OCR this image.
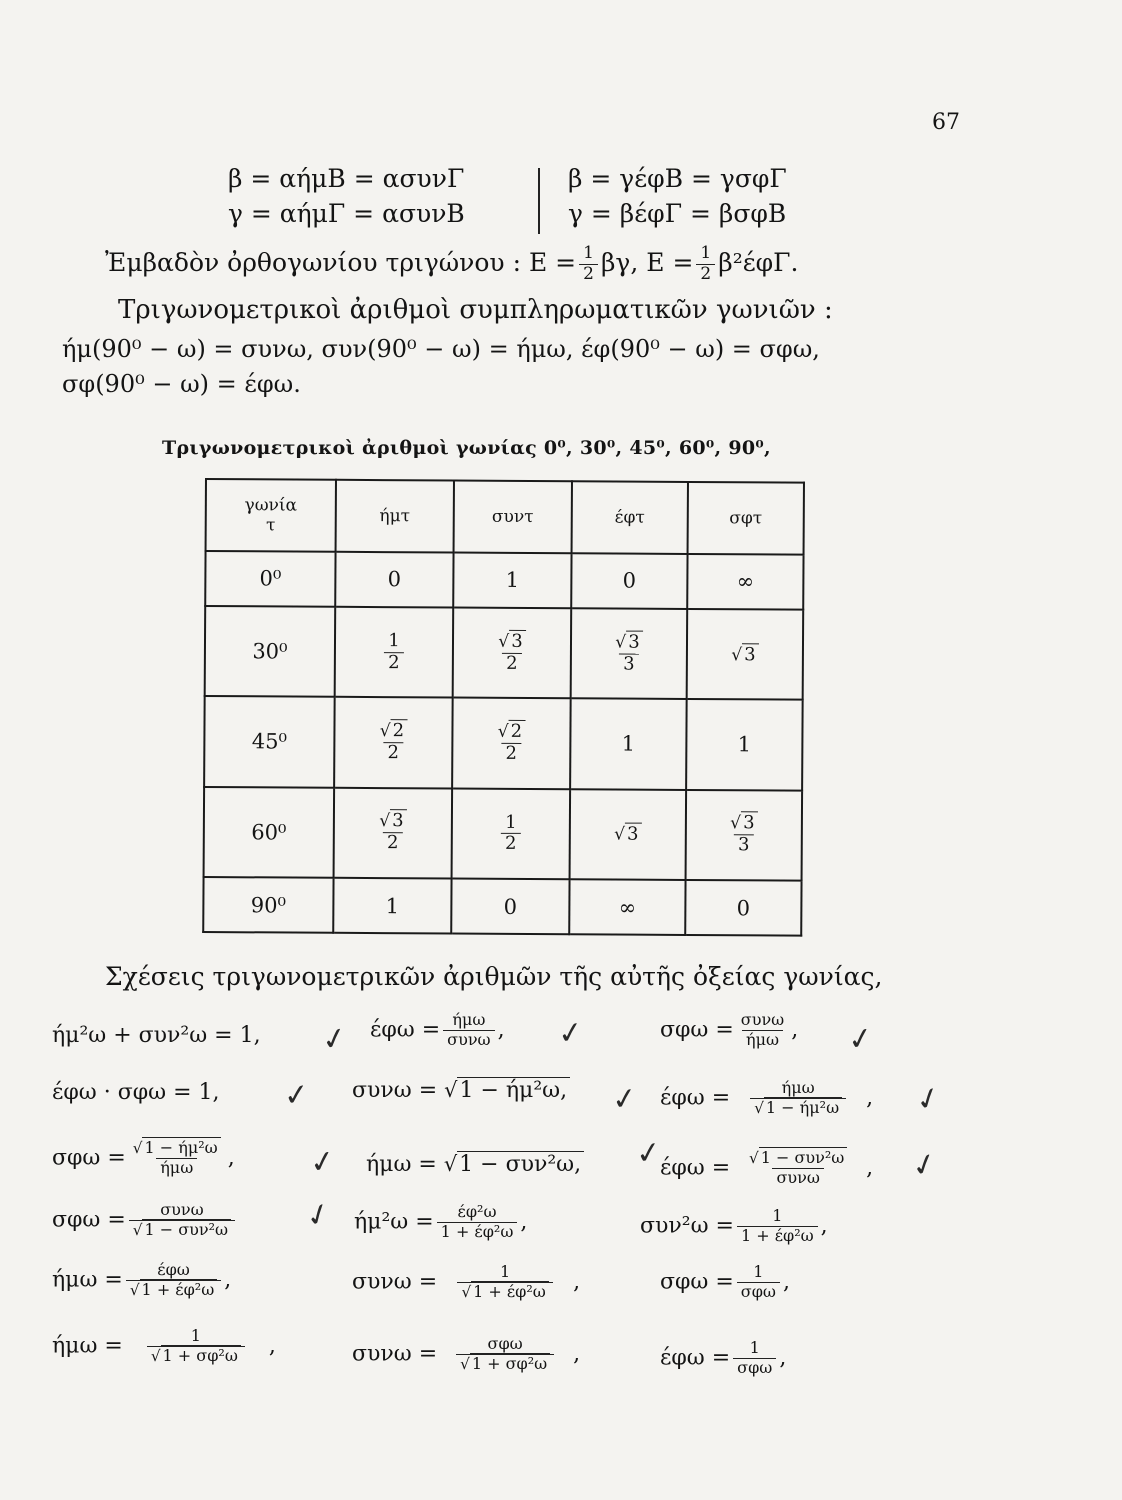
67
β = αήμΒ = ασυνΓ
γ = αήμΓ = ασυνΒ
β = γέφΒ = γσφΓ
γ = βέφΓ = βσφΒ
Ἐμβαδὸν ὀρθογωνίου τριγώνου : $E = \frac{1}{2} \beta\gamma$, $E = \frac{1}{2} \beta^2έ\varphi\Gamma$.
Τριγωνομετρικοὶ ἀριθμοὶ συμπληρωματικῶν γωνιῶν :
ήμ(90⁰ − ω) = συνω, συν(90⁰ − ω) = ήμω, έφ(90⁰ − ω) = σφω,
σφ(90⁰ − ω) = έφω.
Τριγωνομετρικοὶ ἀριθμοὶ γωνίας 0⁰, 30⁰, 45⁰, 60⁰, 90⁰,
γωνία
τ	ήμτ	συντ	έφτ	σφτ
0⁰	0	1	0	∞
30⁰	$\frac{1}{2}$	$\frac{√ 3}{2}$	$\frac{√ 3}{3}$	√ 3
45⁰	$\frac{√ 2}{2}$	$\frac{√ 2}{2}$	1	1
60⁰	$\frac{√ 3}{2}$	$\frac{1}{2}$	√ 3	$\frac{√ 3}{3}$

90⁰	1	0	∞	0
Σχέσεις τριγωνομετρικῶν ἀριθμῶν τῆς αὐτῆς ὀξείας γωνίας,
ήμ²ω + συν²ω = 1,	$έ\varphi\omega = \frac{\text{ήμω}}{\text{συνω}}$ ,	$\sigma\varphi\omega = \frac{\text{συνω}}{\text{ήμω}}$ ,
έφω · σφω = 1,	συνω = √1 − ήμ²ω,	$έ\varphi\omega = \frac{\text{ήμω}}{\text{√ 1 − ήμ²ω}}$ ,
$\sigma\varphi\omega = \frac{\text{√ 1 − ήμ²ω}}{\text{ήμω}}$ ,	ήμω = √1 − συν²ω,	$έ\varphi\omega = \frac{\text{√ 1 − συν²ω}}{\text{συνω}}$ ,
$\sigma\varphi\omega = \frac{\text{συνω}}{\text{√ 1 − συν²ω}}$	$ή\mu^2\omega = \frac{\text{έφ²ω}}{\text{1 + έφ²ω}}$ ,	$\sigma\upsilon\nu^2\omega = \frac{1}{\text{1 + έφ²ω}}$ ,
$ή\mu\omega = \frac{\text{έφω}}{\text{√ 1 + έφ²ω}}$ ,	$\sigma\upsilon\nu\omega = \frac{1}{\text{√ 1 + έφ²ω}}$ ,	$\sigma\varphi\omega = \frac{1}{\text{σφω}}$ ,
$ή\mu\omega = \frac{1}{\text{√ 1 + σφ²ω}}$ ,	$\sigma\upsilon\nu\omega = \frac{\text{σφω}}{\text{√ 1 + σφ²ω}}$ ,	$έ\varphi\omega = \frac{1}{\text{σφω}}$ ,
✓	✓	✓
✓	✓	✓
✓	✓	✓
✓
